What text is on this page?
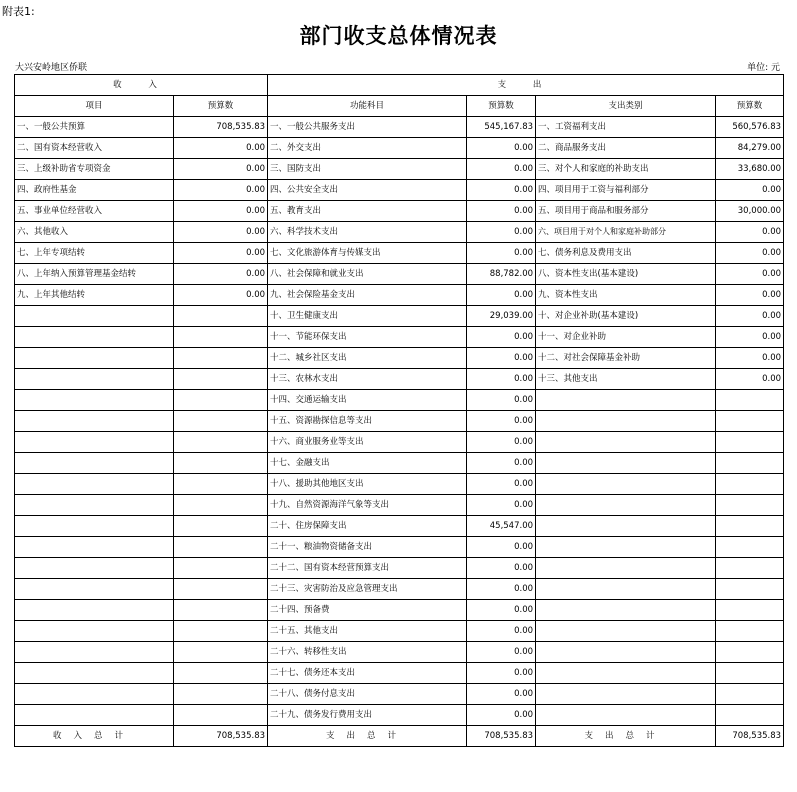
附表1:
部门收支总体情况表
大兴安岭地区侨联	单位: 元
收 入		支 出			
项目	预算数	功能科目	预算数	支出类别	预算数
一、一般公共预算	708,535.83	一、一般公共服务支出	545,167.83	一、工资福利支出	560,576.83
二、国有资本经营收入	0.00	二、外交支出	0.00	二、商品服务支出	84,279.00
三、上级补助省专项资金	0.00	三、国防支出	0.00	三、对个人和家庭的补助支出	33,680.00
四、政府性基金	0.00	四、公共安全支出	0.00	四、项目用于工资与福利部分	0.00
五、事业单位经营收入	0.00	五、教育支出	0.00	五、项目用于商品和服务部分	30,000.00
六、其他收入	0.00	六、科学技术支出	0.00	六、项目用于对个人和家庭补助部分	0.00
七、上年专项结转	0.00	七、文化旅游体育与传媒支出	0.00	七、债务利息及费用支出	0.00
八、上年纳入预算管理基金结转	0.00	八、社会保障和就业支出	88,782.00	八、资本性支出(基本建设)	0.00
九、上年其他结转	0.00	九、社会保险基金支出	0.00	九、资本性支出	0.00
		十、卫生健康支出	29,039.00	十、对企业补助(基本建设)	0.00
		十一、节能环保支出	0.00	十一、对企业补助	0.00
		十二、城乡社区支出	0.00	十二、对社会保障基金补助	0.00
		十三、农林水支出	0.00	十三、其他支出	0.00
		十四、交通运输支出	0.00		
		十五、资源勘探信息等支出	0.00		
		十六、商业服务业等支出	0.00		
		十七、金融支出	0.00		
		十八、援助其他地区支出	0.00		
		十九、自然资源海洋气象等支出	0.00		
		二十、住房保障支出	45,547.00		
		二十一、粮油物资储备支出	0.00		
		二十二、国有资本经营预算支出	0.00		
		二十三、灾害防治及应急管理支出	0.00		
		二十四、预备费	0.00		
		二十五、其他支出	0.00		
		二十六、转移性支出	0.00		
		二十七、债务还本支出	0.00		
		二十八、债务付息支出	0.00		
		二十九、债务发行费用支出	0.00		
收入总计	708,535.83	支出总计	708,535.83	支出总计	708,535.83
